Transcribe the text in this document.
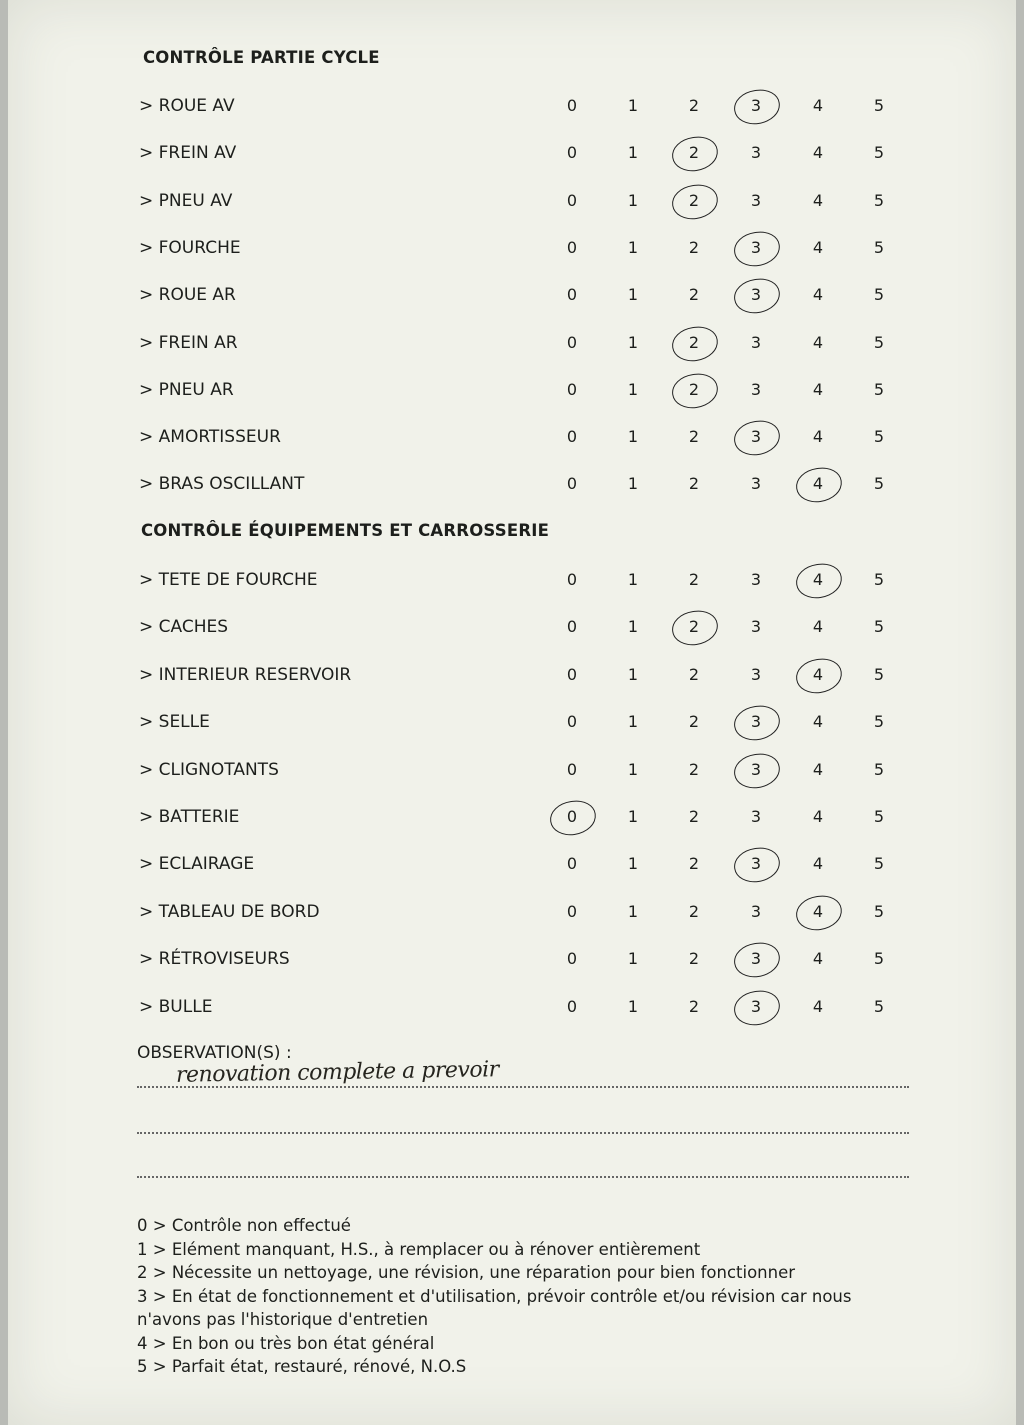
CONTRÔLE PARTIE CYCLE
> ROUE AV	0	1	2	3	4	5
> FREIN AV	0	1	2	3	4	5
> PNEU AV	0	1	2	3	4	5
> FOURCHE	0	1	2	3	4	5
> ROUE AR	0	1	2	3	4	5
> FREIN AR	0	1	2	3	4	5
> PNEU AR	0	1	2	3	4	5
> AMORTISSEUR	0	1	2	3	4	5
> BRAS OSCILLANT	0	1	2	3	4	5
CONTRÔLE ÉQUIPEMENTS ET CARROSSERIE
> TETE DE FOURCHE	0	1	2	3	4	5
> CACHES	0	1	2	3	4	5
> INTERIEUR RESERVOIR	0	1	2	3	4	5
> SELLE	0	1	2	3	4	5
> CLIGNOTANTS	0	1	2	3	4	5
> BATTERIE	0	1	2	3	4	5
> ECLAIRAGE	0	1	2	3	4	5
> TABLEAU DE BORD	0	1	2	3	4	5
> RÉTROVISEURS	0	1	2	3	4	5
> BULLE	0	1	2	3	4	5
OBSERVATION(S) :
renovation complete a prevoir
0 > Contrôle non effectué
1 > Elément manquant, H.S., à remplacer ou à rénover entièrement
2 > Nécessite un nettoyage, une révision, une réparation pour bien fonctionner
3 > En état de fonctionnement et d'utilisation, prévoir contrôle et/ou révision car nous n'avons pas l'historique d'entretien
4 > En bon ou très bon état général
5 > Parfait état, restauré, rénové, N.O.S
